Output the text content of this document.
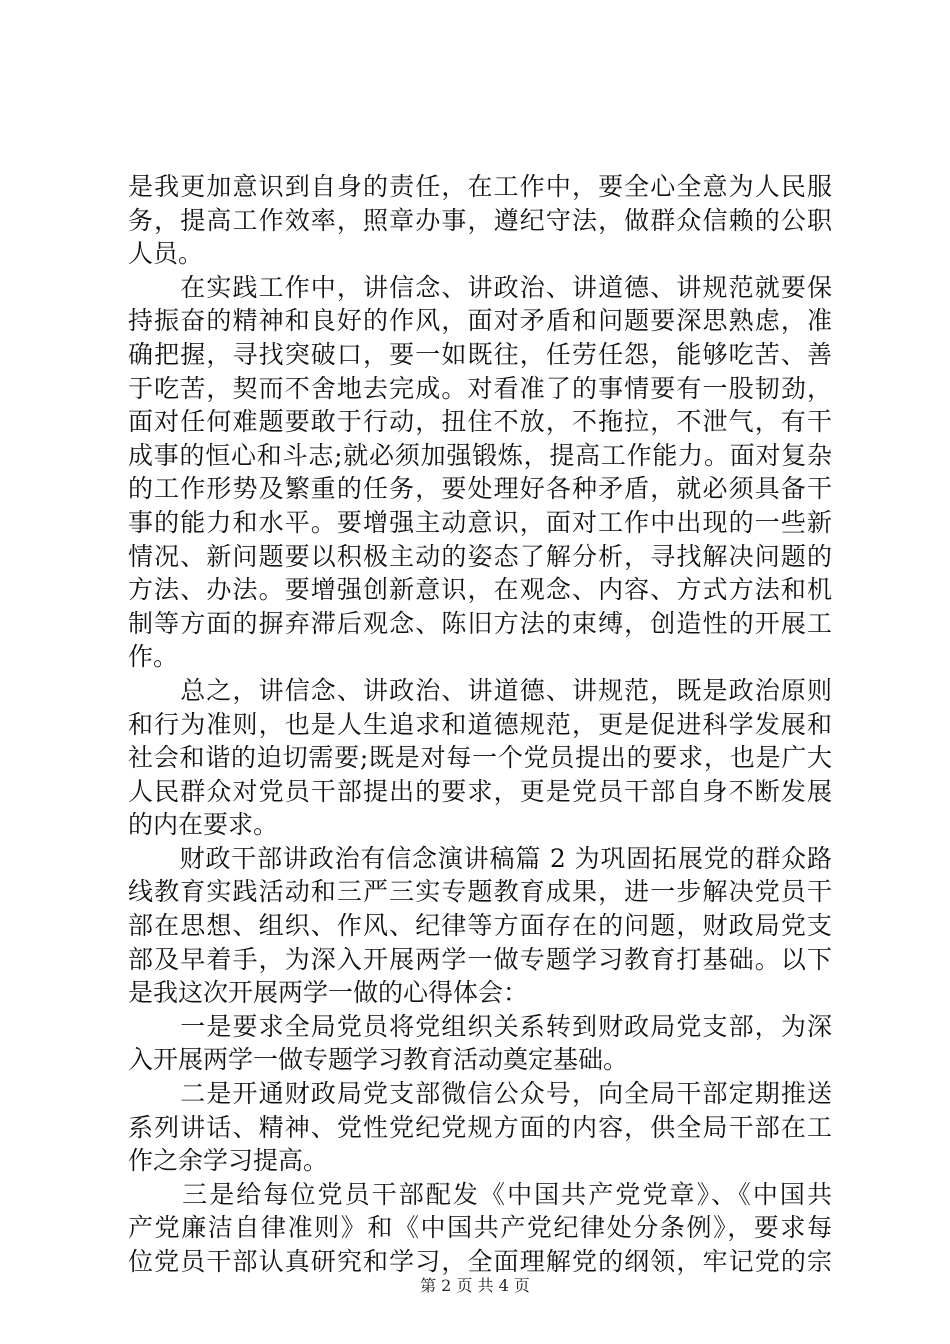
是我更加意识到自身的责任，在工作中，要全心全意为人民服
务，提高工作效率，照章办事，遵纪守法，做群众信赖的公职
人员。
　　在实践工作中，讲信念、讲政治、讲道德、讲规范就要保
持振奋的精神和良好的作风，面对矛盾和问题要深思熟虑，准
确把握，寻找突破口，要一如既往，任劳任怨，能够吃苦、善
于吃苦，契而不舍地去完成。对看准了的事情要有一股韧劲，
面对任何难题要敢于行动，扭住不放，不拖拉，不泄气，有干
成事的恒心和斗志;就必须加强锻炼，提高工作能力。面对复杂
的工作形势及繁重的任务，要处理好各种矛盾，就必须具备干
事的能力和水平。要增强主动意识，面对工作中出现的一些新
情况、新问题要以积极主动的姿态了解分析，寻找解决问题的
方法、办法。要增强创新意识，在观念、内容、方式方法和机
制等方面的摒弃滞后观念、陈旧方法的束缚，创造性的开展工
作。
　　总之，讲信念、讲政治、讲道德、讲规范，既是政治原则
和行为准则，也是人生追求和道德规范，更是促进科学发展和
社会和谐的迫切需要;既是对每一个党员提出的要求，也是广大
人民群众对党员干部提出的要求，更是党员干部自身不断发展
的内在要求。
　　财政干部讲政治有信念演讲稿篇 2 为巩固拓展党的群众路
线教育实践活动和三严三实专题教育成果，进一步解决党员干
部在思想、组织、作风、纪律等方面存在的问题，财政局党支
部及早着手，为深入开展两学一做专题学习教育打基础。以下
是我这次开展两学一做的心得体会：
　　一是要求全局党员将党组织关系转到财政局党支部，为深
入开展两学一做专题学习教育活动奠定基础。
　　二是开通财政局党支部微信公众号，向全局干部定期推送
系列讲话、精神、党性党纪党规方面的内容，供全局干部在工
作之余学习提高。
　　三是给每位党员干部配发《中国共产党党章》、《中国共
产党廉洁自律准则》和《中国共产党纪律处分条例》，要求每
位党员干部认真研究和学习，全面理解党的纲领，牢记党的宗
第 2 页 共 4 页
